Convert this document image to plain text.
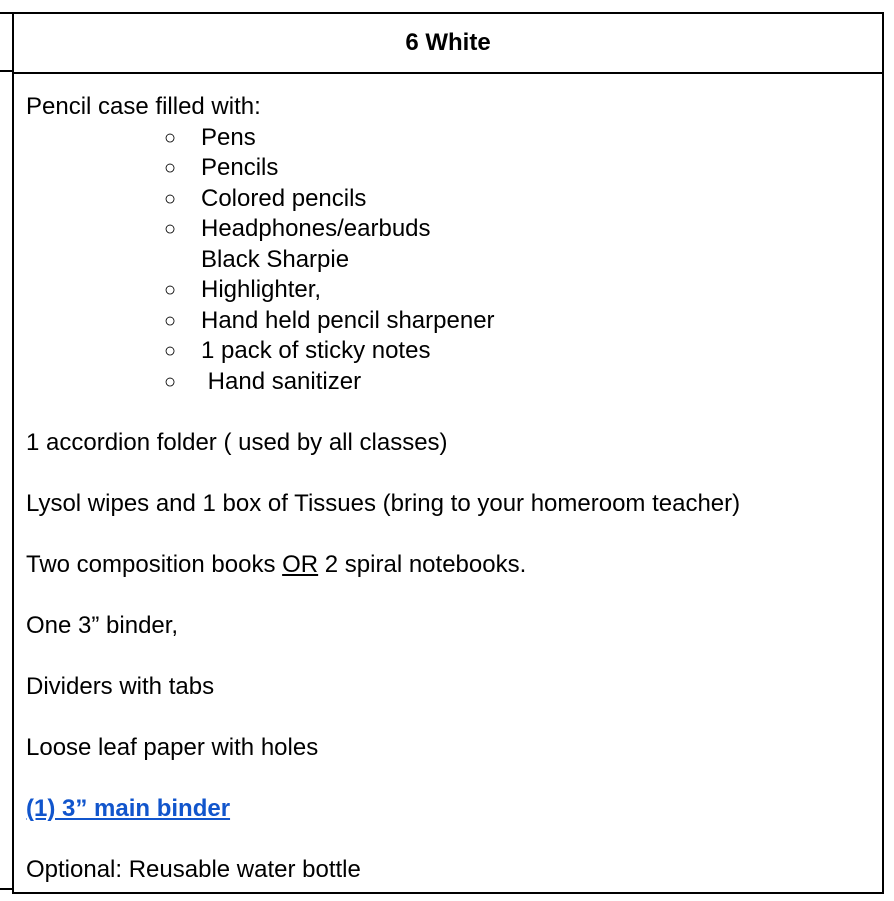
6 White

Pencil case filled with:

○ Pens
○ Pencils
○ Colored pencils
○ Headphones/earbuds
Black Sharpie
○ Highlighter,
○ Hand held pencil sharpener
○ 1 pack of sticky notes
○ Hand sanitizer

1 accordion folder ( used by all classes)

Lysol wipes and 1 box of Tissues (bring to your homeroom teacher)

Two composition books OR 2 spiral notebooks.

One 3” binder,

Dividers with tabs

Loose leaf paper with holes

(1) 3” main binder

Optional: Reusable water bottle
